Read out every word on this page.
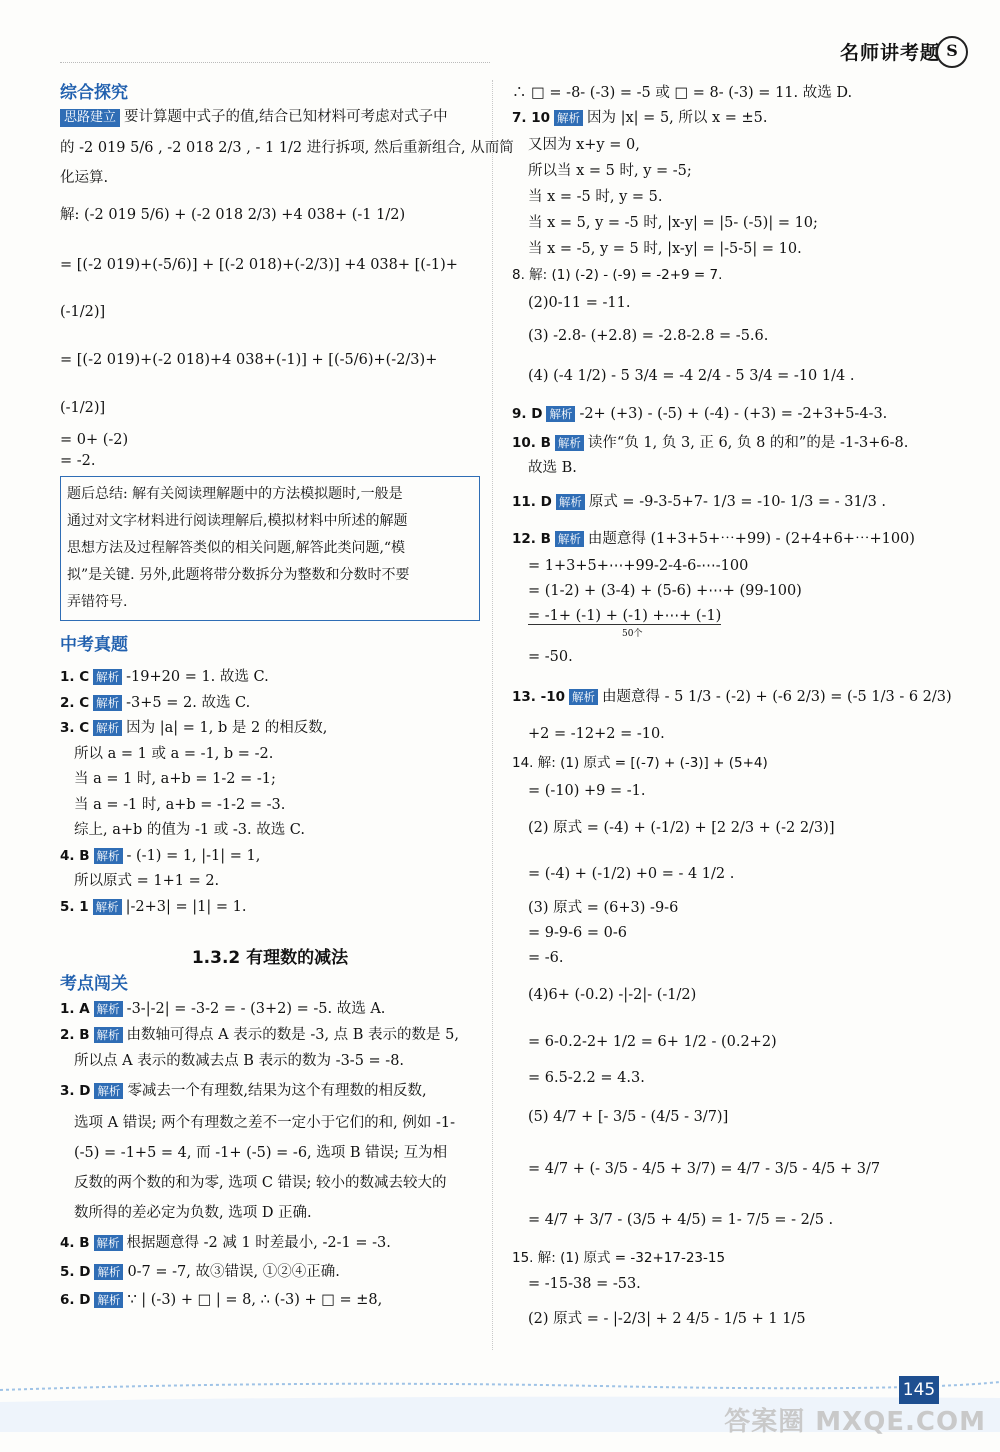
名师讲考题 S

综合探究

思路建立 要计算题中式子的值,结合已知材料可考虑对式子中

的 -2 019 5/6 , -2 018 2/3 , - 1 1/2 进行拆项, 然后重新组合, 从而简

化运算.

解: (-2 019 5/6) + (-2 018 2/3) +4 038+ (-1 1/2)

= [(-2 019)+(-5/6)] + [(-2 018)+(-2/3)] +4 038+ [(-1)+

(-1/2)]

= [(-2 019)+(-2 018)+4 038+(-1)] + [(-5/6)+(-2/3)+

(-1/2)]

= 0+ (-2)

= -2.

题后总结: 解有关阅读理解题中的方法模拟题时,一般是

通过对文字材料进行阅读理解后,模拟材料中所述的解题

思想方法及过程解答类似的相关问题,解答此类问题,“模

拟”是关键. 另外,此题将带分数拆分为整数和分数时不要

弄错符号.

中考真题

1. C 解析 -19+20 = 1. 故选 C.

2. C 解析 -3+5 = 2. 故选 C.

3. C 解析 因为 |a| = 1, b 是 2 的相反数,

所以 a = 1 或 a = -1, b = -2.

当 a = 1 时, a+b = 1-2 = -1;

当 a = -1 时, a+b = -1-2 = -3.

综上, a+b 的值为 -1 或 -3. 故选 C.

4. B 解析 - (-1) = 1, |-1| = 1,

所以原式 = 1+1 = 2.

5. 1 解析 |-2+3| = |1| = 1.

1.3.2 有理数的减法

考点闯关

1. A 解析 -3-|-2| = -3-2 = - (3+2) = -5. 故选 A.

2. B 解析 由数轴可得点 A 表示的数是 -3, 点 B 表示的数是 5,

所以点 A 表示的数减去点 B 表示的数为 -3-5 = -8.

3. D 解析 零减去一个有理数,结果为这个有理数的相反数,

选项 A 错误; 两个有理数之差不一定小于它们的和, 例如 -1-

(-5) = -1+5 = 4, 而 -1+ (-5) = -6, 选项 B 错误; 互为相

反数的两个数的和为零, 选项 C 错误; 较小的数减去较大的

数所得的差必定为负数, 选项 D 正确.

4. B 解析 根据题意得 -2 减 1 时差最小, -2-1 = -3.

5. D 解析 0-7 = -7, 故③错误, ①②④正确.

6. D 解析 ∵ | (-3) + □ | = 8, ∴ (-3) + □ = ±8,

∴ □ = -8- (-3) = -5 或 □ = 8- (-3) = 11. 故选 D.

7. 10 解析 因为 |x| = 5, 所以 x = ±5.

又因为 x+y = 0,

所以当 x = 5 时, y = -5;

当 x = -5 时, y = 5.

当 x = 5, y = -5 时, |x-y| = |5- (-5)| = 10;

当 x = -5, y = 5 时, |x-y| = |-5-5| = 10.

8. 解: (1) (-2) - (-9) = -2+9 = 7.

(2)0-11 = -11.

(3) -2.8- (+2.8) = -2.8-2.8 = -5.6.

(4) (-4 1/2) - 5 3/4 = -4 2/4 - 5 3/4 = -10 1/4 .

9. D 解析 -2+ (+3) - (-5) + (-4) - (+3) = -2+3+5-4-3.

10. B 解析 读作“负 1, 负 3, 正 6, 负 8 的和”的是 -1-3+6-8.

故选 B.

11. D 解析 原式 = -9-3-5+7- 1/3 = -10- 1/3 = - 31/3 .

12. B 解析 由题意得 (1+3+5+⋯+99) - (2+4+6+⋯+100)

= 1+3+5+⋯+99-2-4-6-⋯-100

= (1-2) + (3-4) + (5-6) +⋯+ (99-100)

= -1+ (-1) + (-1) +⋯+ (-1)

50个

= -50.

13. -10 解析 由题意得 - 5 1/3 - (-2) + (-6 2/3) = (-5 1/3 - 6 2/3)

+2 = -12+2 = -10.

14. 解: (1) 原式 = [(-7) + (-3)] + (5+4)

= (-10) +9 = -1.

(2) 原式 = (-4) + (-1/2) + [2 2/3 + (-2 2/3)]

= (-4) + (-1/2) +0 = - 4 1/2 .

(3) 原式 = (6+3) -9-6

= 9-9-6 = 0-6

= -6.

(4)6+ (-0.2) -|-2|- (-1/2)

= 6-0.2-2+ 1/2 = 6+ 1/2 - (0.2+2)

= 6.5-2.2 = 4.3.

(5) 4/7 + [- 3/5 - (4/5 - 3/7)]

= 4/7 + (- 3/5 - 4/5 + 3/7) = 4/7 - 3/5 - 4/5 + 3/7

= 4/7 + 3/7 - (3/5 + 4/5) = 1- 7/5 = - 2/5 .

15. 解: (1) 原式 = -32+17-23-15

= -15-38 = -53.

(2) 原式 = - |-2/3| + 2 4/5 - 1/5 + 1 1/5

145
答案圈 MXQE.COM
